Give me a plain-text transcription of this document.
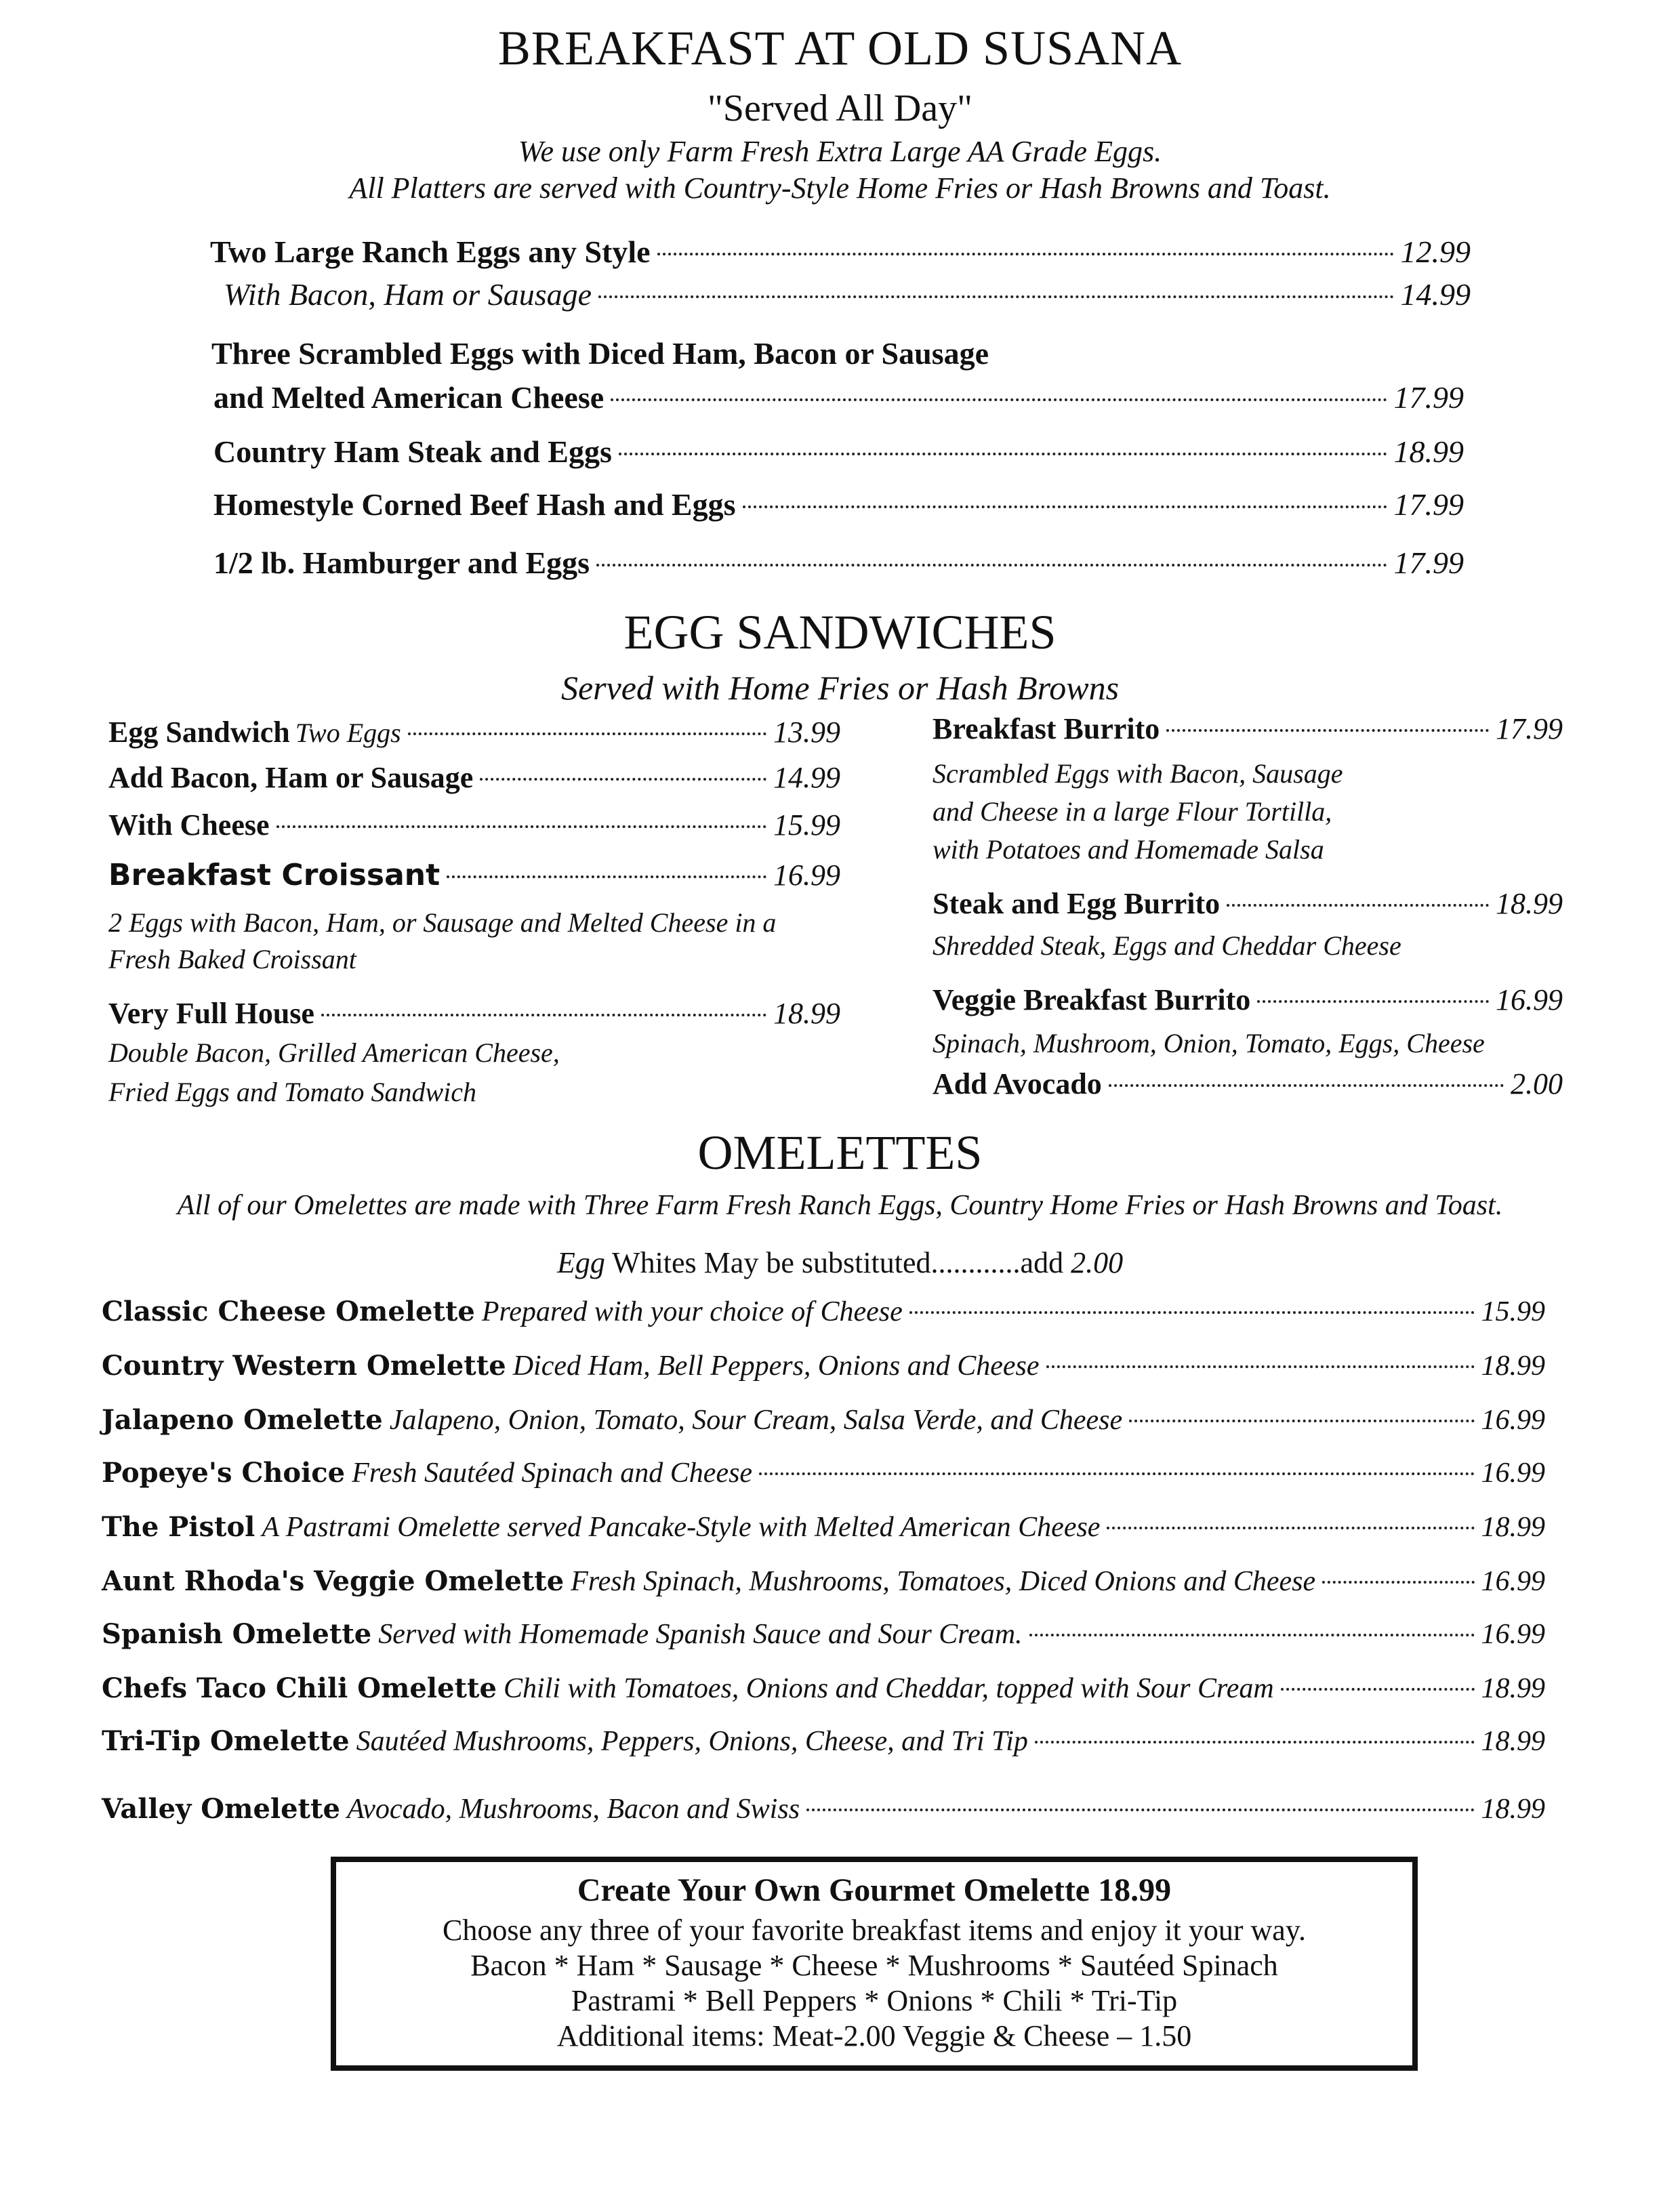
BREAKFAST AT OLD SUSANA
"Served All Day"
We use only Farm Fresh Extra Large AA Grade Eggs.
All Platters are served with Country-Style Home Fries or Hash Browns and Toast.
Two Large Ranch Eggs any Style	12.99
With Bacon, Ham or Sausage	14.99
Three Scrambled Eggs with Diced Ham, Bacon or Sausage
and Melted American Cheese	17.99
Country Ham Steak and Eggs	18.99
Homestyle Corned Beef Hash and Eggs	17.99
1/2 lb. Hamburger and Eggs	17.99
EGG SANDWICHES
Served with Home Fries or Hash Browns
Egg Sandwich Two Eggs	13.99
Add Bacon, Ham or Sausage	14.99
With Cheese	15.99
Breakfast Croissant	16.99
2 Eggs with Bacon, Ham, or Sausage and Melted Cheese in a
Fresh Baked Croissant
Very Full House	18.99
Double Bacon, Grilled American Cheese,
Fried Eggs and Tomato Sandwich
Breakfast Burrito	17.99
Scrambled Eggs with Bacon, Sausage
and Cheese in a large Flour Tortilla,
with Potatoes and Homemade Salsa
Steak and Egg Burrito	18.99
Shredded Steak, Eggs and Cheddar Cheese
Veggie Breakfast Burrito	16.99
Spinach, Mushroom, Onion, Tomato, Eggs, Cheese
Add Avocado	2.00
OMELETTES
All of our Omelettes are made with Three Farm Fresh Ranch Eggs, Country Home Fries or Hash Browns and Toast.
Egg Whites May be substituted............add 2.00
Classic Cheese Omelette Prepared with your choice of Cheese	15.99
Country Western Omelette Diced Ham, Bell Peppers, Onions and Cheese	18.99
Jalapeno Omelette Jalapeno, Onion, Tomato, Sour Cream, Salsa Verde, and Cheese	16.99
Popeye's Choice Fresh Sautéed Spinach and Cheese	16.99
The Pistol A Pastrami Omelette served Pancake-Style with Melted American Cheese	18.99
Aunt Rhoda's Veggie Omelette Fresh Spinach, Mushrooms, Tomatoes, Diced Onions and Cheese	16.99
Spanish Omelette Served with Homemade Spanish Sauce and Sour Cream.	16.99
Chefs Taco Chili Omelette Chili with Tomatoes, Onions and Cheddar, topped with Sour Cream	18.99
Tri-Tip Omelette Sautéed Mushrooms, Peppers, Onions, Cheese, and Tri Tip	18.99
Valley Omelette Avocado, Mushrooms, Bacon and Swiss	18.99
Create Your Own Gourmet Omelette 18.99
Choose any three of your favorite breakfast items and enjoy it your way.
Bacon * Ham * Sausage * Cheese * Mushrooms * Sautéed Spinach
Pastrami * Bell Peppers * Onions * Chili * Tri-Tip
Additional items: Meat-2.00 Veggie & Cheese – 1.50
